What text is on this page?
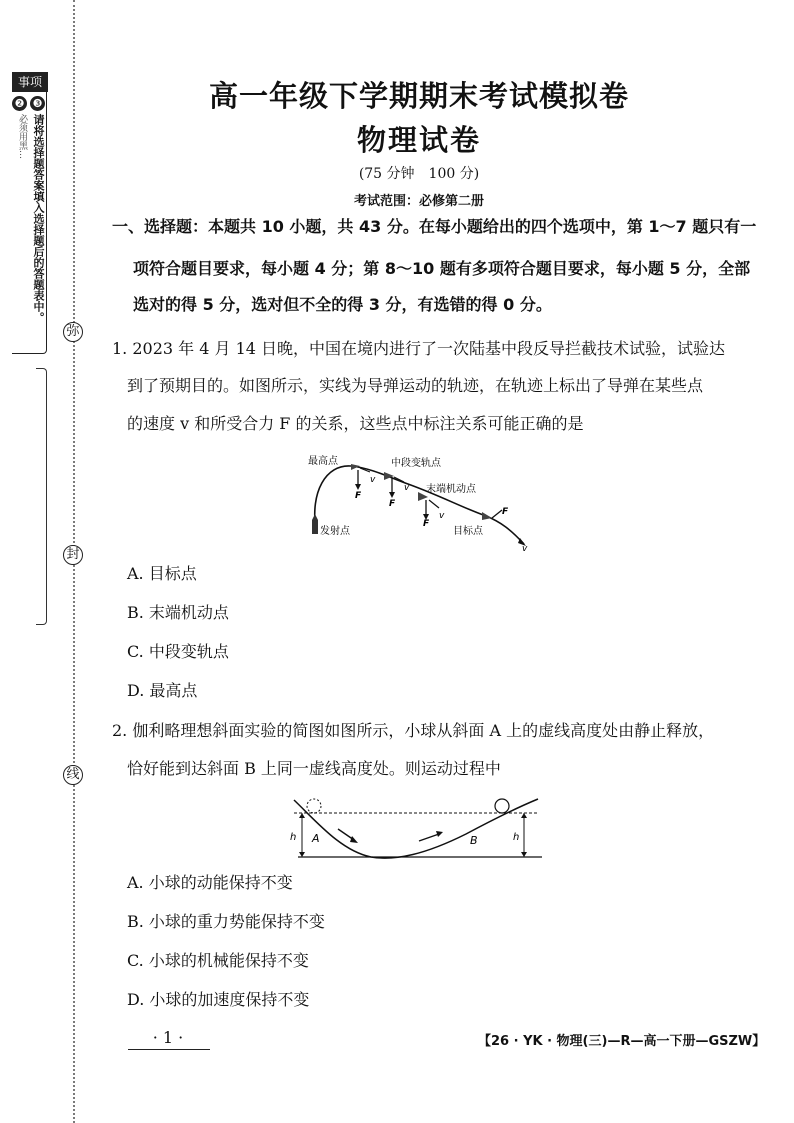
事项
❸
❷
请将选择题答案填入选择题后的答题表中。
必须用黑…
弥
封
线
高一年级下学期期末考试模拟卷
物理试卷
(75 分钟　100 分)
考试范围：必修第二册
一、选择题：本题共 10 小题，共 43 分。在每小题给出的四个选项中，第 1～7 题只有一
项符合题目要求，每小题 4 分；第 8～10 题有多项符合题目要求，每小题 5 分，全部
选对的得 5 分，选对但不全的得 3 分，有选错的得 0 分。
1. 2023 年 4 月 14 日晚，中国在境内进行了一次陆基中段反导拦截技术试验，试验达
到了预期目的。如图所示，实线为导弹运动的轨迹，在轨迹上标出了导弹在某些点
的速度 v 和所受合力 F 的关系，这些点中标注关系可能正确的是
最高点	中段变轨点
末端机动点
目标点
发射点
v
F
v
F
v
F
F
v
A. 目标点
B. 末端机动点
C. 中段变轨点
D. 最高点
2. 伽利略理想斜面实验的简图如图所示，小球从斜面 A 上的虚线高度处由静止释放，
恰好能到达斜面 B 上同一虚线高度处。则运动过程中
h	h
A	B
A. 小球的动能保持不变
B. 小球的重力势能保持不变
C. 小球的机械能保持不变
D. 小球的加速度保持不变
· 1 ·	【26 · YK · 物理(三)—R—高一下册—GSZW】
